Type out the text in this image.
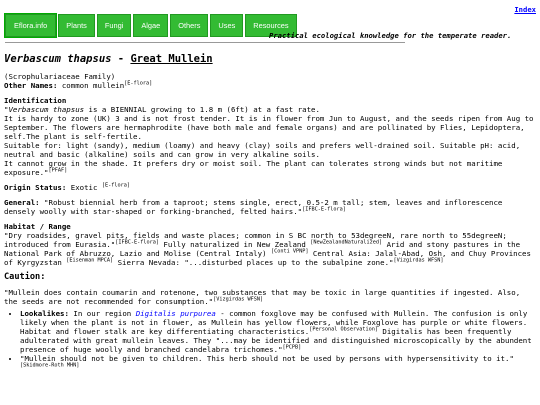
Index
Eflora.info	Plants	Fungi	Algae	Others	Uses	Resources
Practical ecological knowledge for the temperate reader.
Verbascum thapsus - Great Mullein

(Scrophulariaceae Family)

Other Names: common mullein[E-flora]

Identification

"Verbascum thapsus is a BIENNIAL growing to 1.8 m (6ft) at a fast rate.

It is hardy to zone (UK) 3 and is not frost tender. It is in flower from Jun to August, and the seeds ripen from Aug to September. The flowers are hermaphrodite (have both male and female organs) and are pollinated by Flies, Lepidoptera, self.The plant is self-fertile.

Suitable for: light (sandy), medium (loamy) and heavy (clay) soils and prefers well-drained soil. Suitable pH: acid, neutral and basic (alkaline) soils and can grow in very alkaline soils.

It cannot grow in the shade. It prefers dry or moist soil. The plant can tolerates strong winds but not maritime exposure."[PFAF]

Origin Status: Exotic [E-flora]

General: "Robust biennial herb from a taproot; stems single, erect, 0.5-2 m tall; stem, leaves and inflorescence densely woolly with star-shaped or forking-branched, felted hairs."[IFBC-E-flora]

Habitat / Range

"Dry roadsides, gravel pits, fields and waste places; common in S BC north to 53degreeN, rare north to 55degreeN; introduced from Eurasia."[IFBC-E-flora] Fully naturalized in New Zealand [NewZealandNaturalized] Arid and stony pastures in the National Park of Abruzzo, Lazio and Molise (Central Intaly) [Conti VPNP] Central Asia: Jalal-Abad, Osh, and Chuy Provinces of Kyrgyzstan [Eisenman MPCA] Sierra Nevada: "...disturbed places up to the subalpine zone."[Vizgirdas WFSN]

Caution:

"Mullein does contain coumarin and rotenone, two substances that may be toxic in large quantities if ingested. Also, the seeds are not recommended for consumption."[Vizgirdas WFSN]

• Lookalikes: In our region Digitalis purpurea - common foxglove may be confused with Mullein. The confusion is only likely when the plant is not in flower, as Mullein has yellow flowers, while Foxglove has purple or white flowers. Habitat and flower stalk are key differentiating characteristics.[Personal Observation] Digitalis has been frequently adulterated with great mullein leaves. They "...may be identified and distinguished microscopically by the abundent presence of huge woolly and branched candelabra trichomes."[PCPB]
• "Mullein should not be given to children. This herb should not be used by persons with hypersensitivity to it."
[Skidmore-Roth MHN]
